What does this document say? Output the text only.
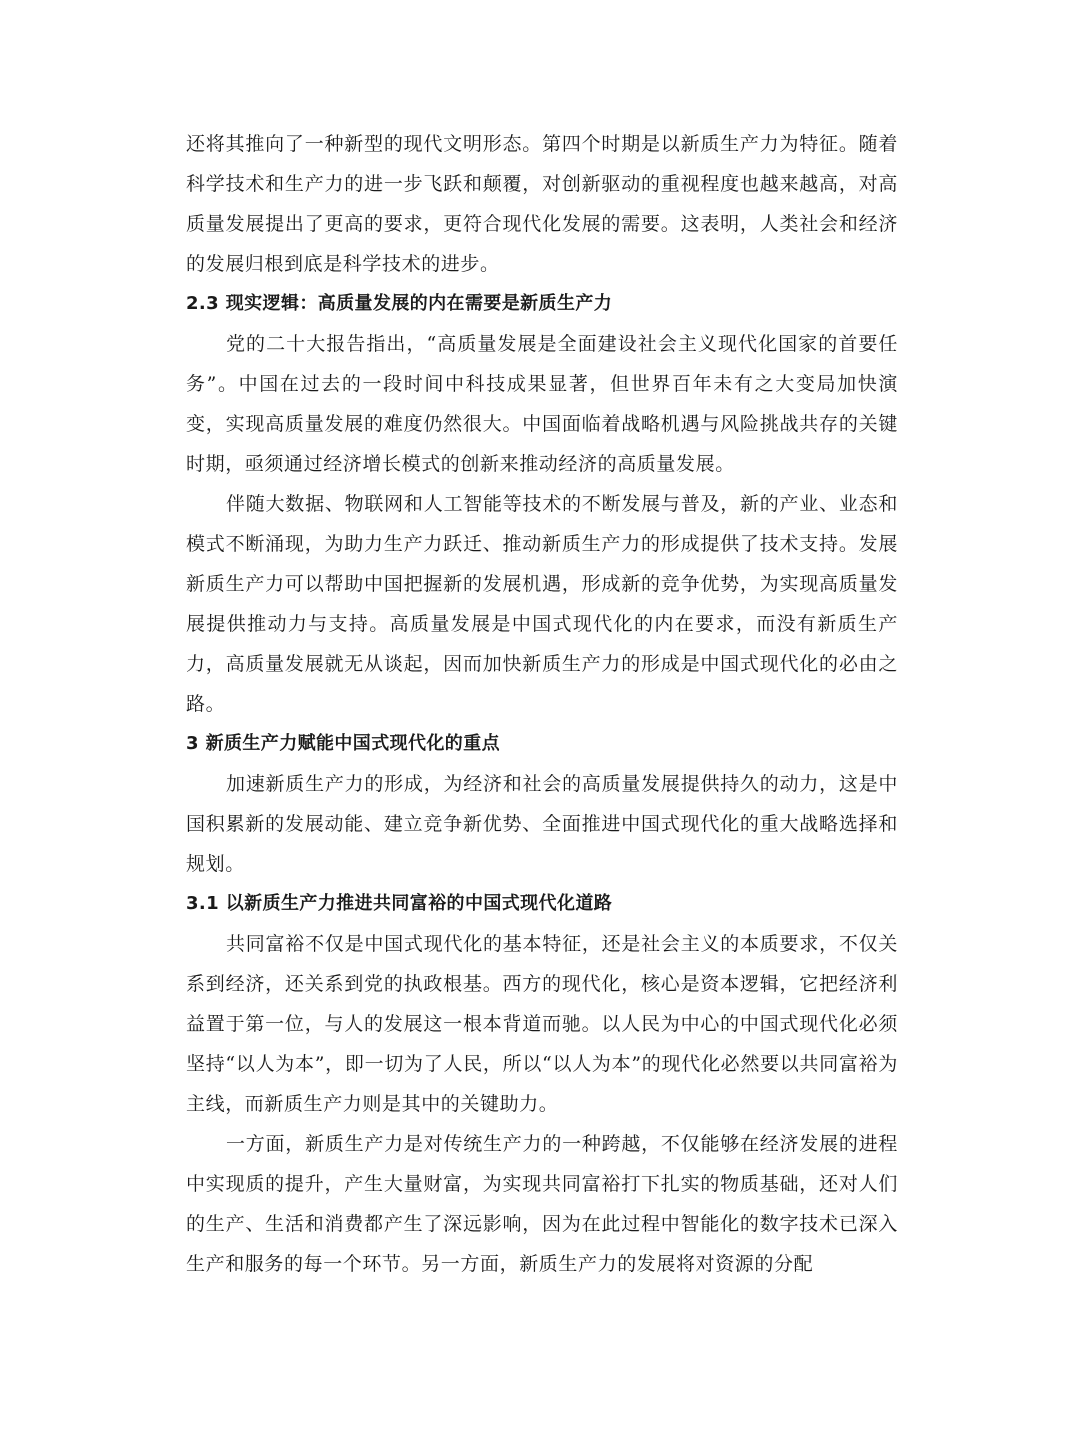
还将其推向了一种新型的现代文明形态。第四个时期是以新质生产力为特征。随着科学技术和生产力的进一步飞跃和颠覆，对创新驱动的重视程度也越来越高，对高质量发展提出了更高的要求，更符合现代化发展的需要。这表明，人类社会和经济的发展归根到底是科学技术的进步。

2.3 现实逻辑：高质量发展的内在需要是新质生产力

党的二十大报告指出，“高质量发展是全面建设社会主义现代化国家的首要任务”。中国在过去的一段时间中科技成果显著，但世界百年未有之大变局加快演变，实现高质量发展的难度仍然很大。中国面临着战略机遇与风险挑战共存的关键时期，亟须通过经济增长模式的创新来推动经济的高质量发展。

伴随大数据、物联网和人工智能等技术的不断发展与普及，新的产业、业态和模式不断涌现，为助力生产力跃迁、推动新质生产力的形成提供了技术支持。发展新质生产力可以帮助中国把握新的发展机遇，形成新的竞争优势，为实现高质量发展提供推动力与支持。高质量发展是中国式现代化的内在要求，而没有新质生产力，高质量发展就无从谈起，因而加快新质生产力的形成是中国式现代化的必由之路。

3 新质生产力赋能中国式现代化的重点

加速新质生产力的形成，为经济和社会的高质量发展提供持久的动力，这是中国积累新的发展动能、建立竞争新优势、全面推进中国式现代化的重大战略选择和规划。

3.1 以新质生产力推进共同富裕的中国式现代化道路

共同富裕不仅是中国式现代化的基本特征，还是社会主义的本质要求，不仅关系到经济，还关系到党的执政根基。西方的现代化，核心是资本逻辑，它把经济利益置于第一位，与人的发展这一根本背道而驰。以人民为中心的中国式现代化必须坚持“以人为本”，即一切为了人民，所以“以人为本”的现代化必然要以共同富裕为主线，而新质生产力则是其中的关键助力。

一方面，新质生产力是对传统生产力的一种跨越，不仅能够在经济发展的进程中实现质的提升，产生大量财富，为实现共同富裕打下扎实的物质基础，还对人们的生产、生活和消费都产生了深远影响，因为在此过程中智能化的数字技术已深入生产和服务的每一个环节。另一方面，新质生产力的发展将对资源的分配
